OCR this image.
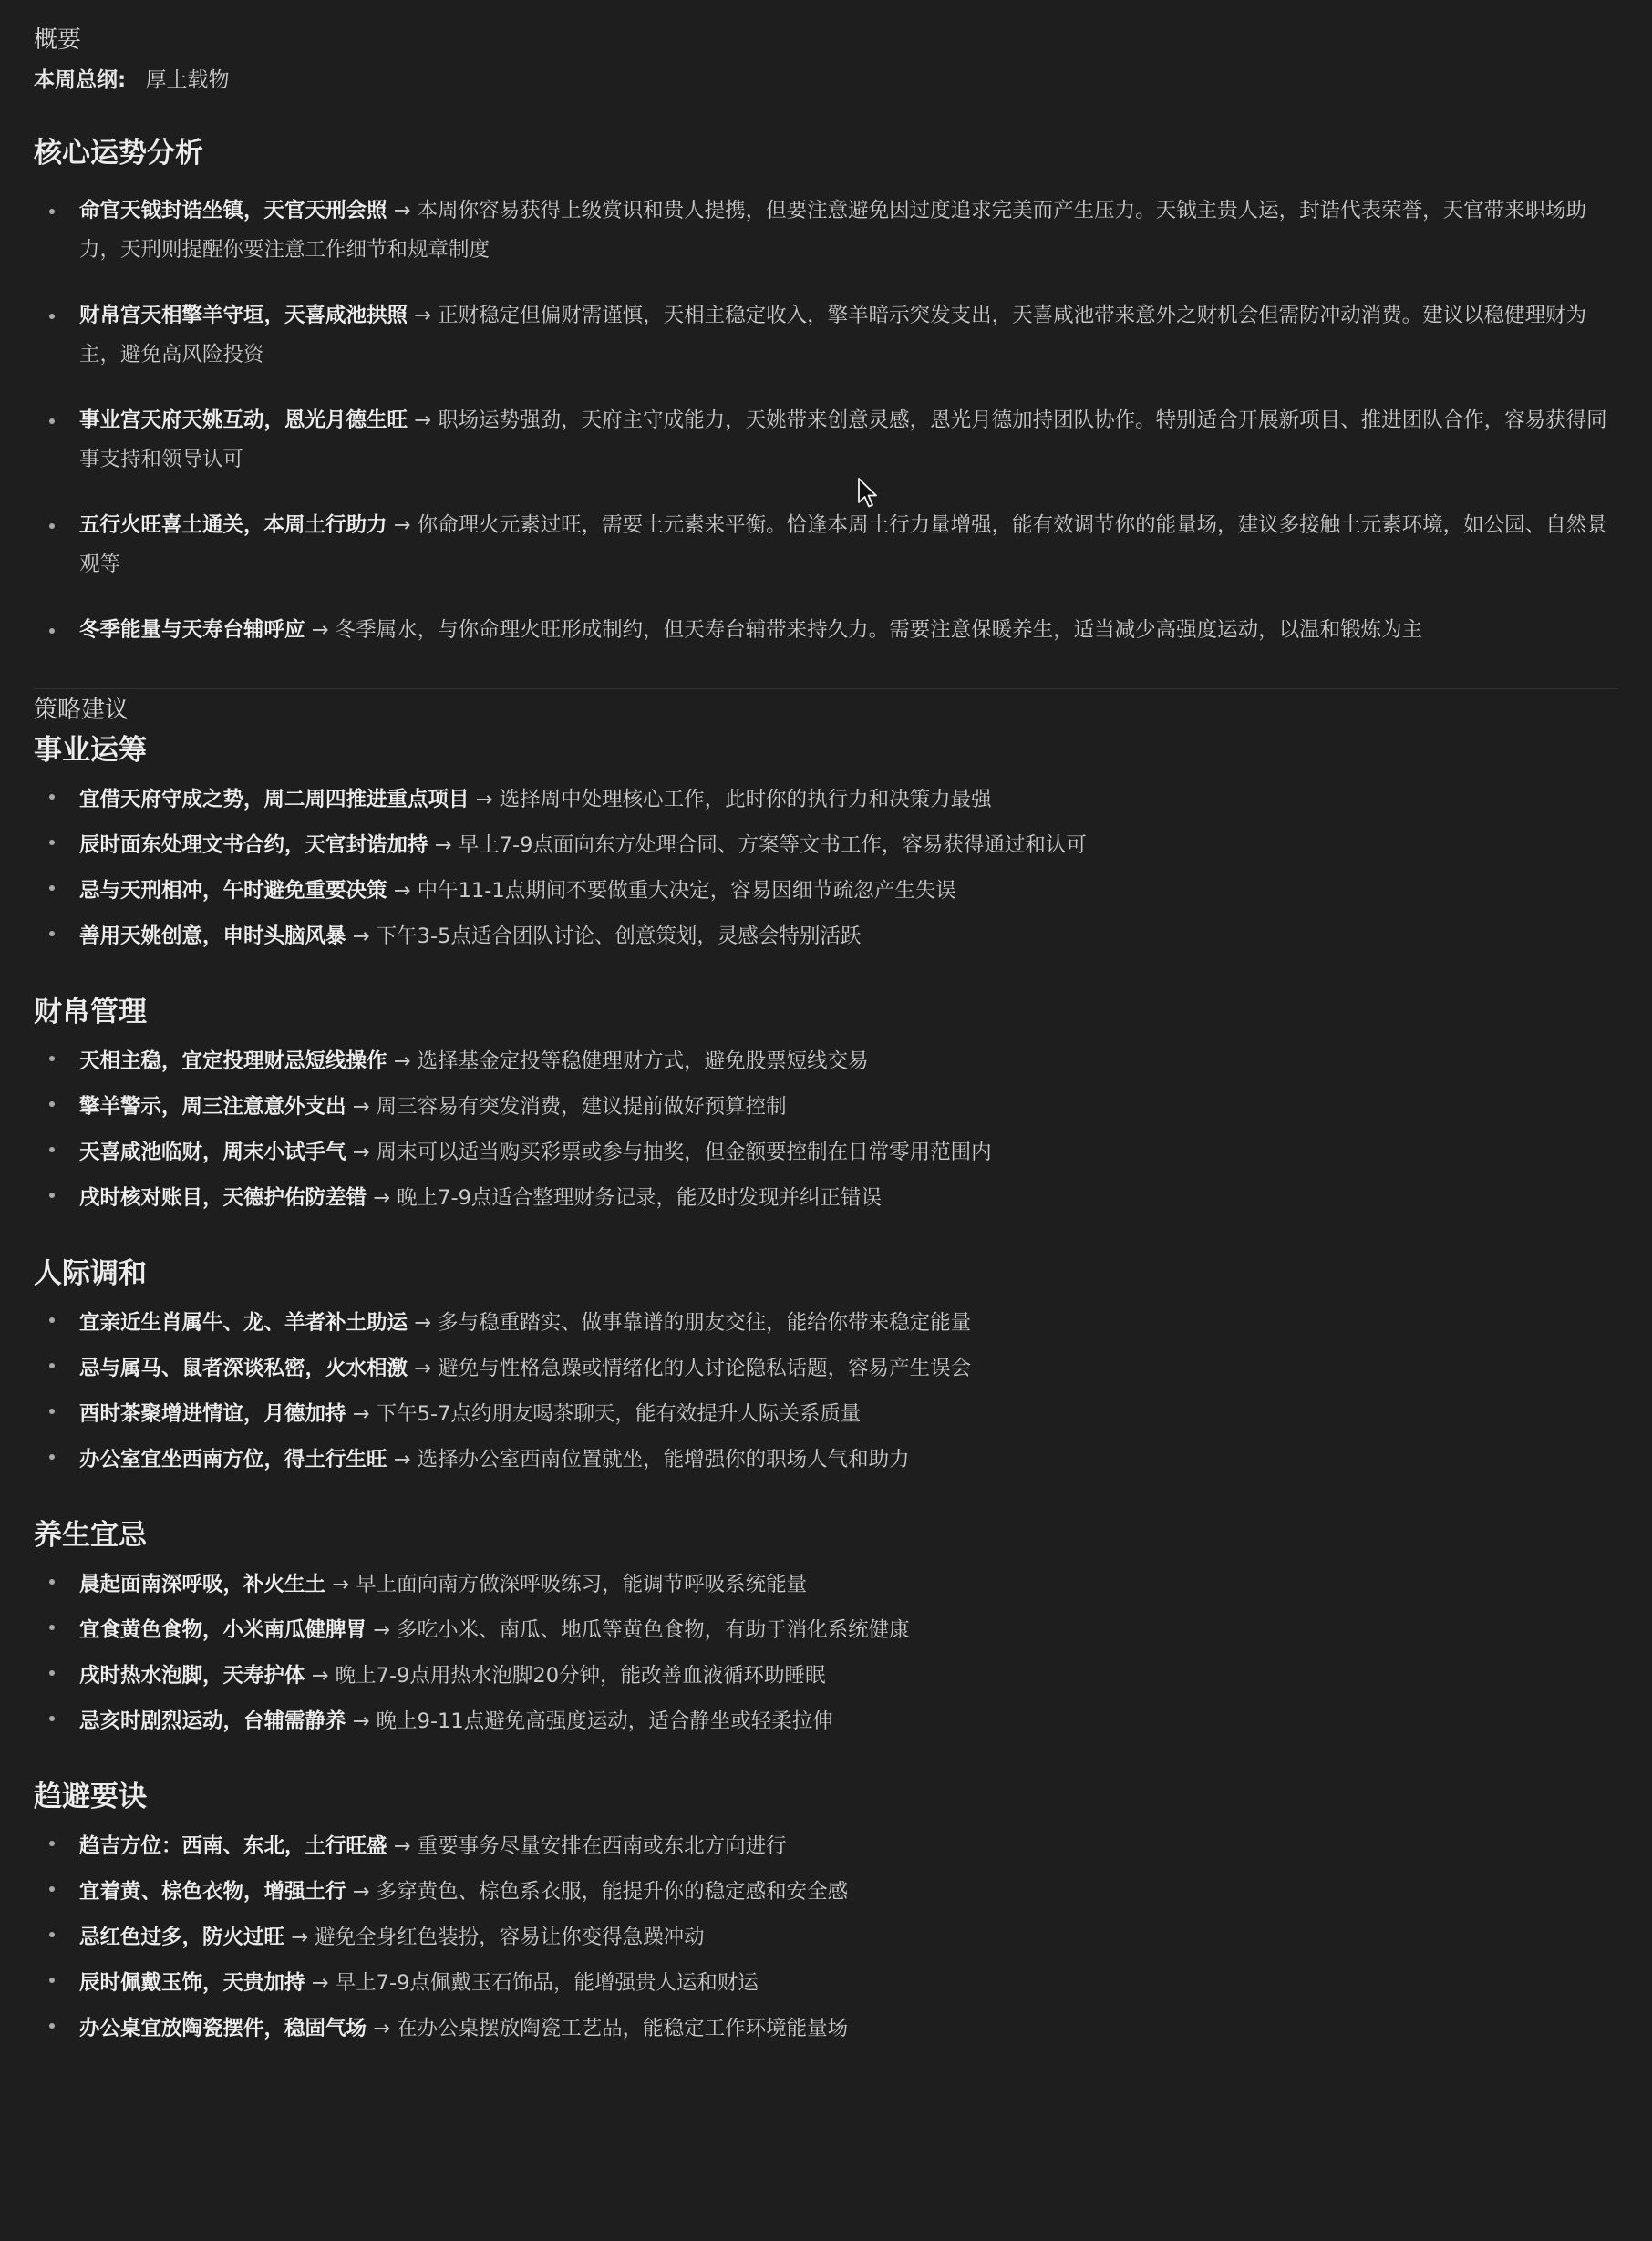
概要
本周总纲: 厚土载物
核心运势分析
命官天钺封诰坐镇，天官天刑会照 → 本周你容易获得上级赏识和贵人提携，但要注意避免因过度追求完美而产生压力。天钺主贵人运，封诰代表荣誉，天官带来职场助力，天刑则提醒你要注意工作细节和规章制度
财帛宫天相擎羊守垣，天喜咸池拱照 → 正财稳定但偏财需谨慎，天相主稳定收入，擎羊暗示突发支出，天喜咸池带来意外之财机会但需防冲动消费。建议以稳健理财为主，避免高风险投资
事业宫天府天姚互动，恩光月德生旺 → 职场运势强劲，天府主守成能力，天姚带来创意灵感，恩光月德加持团队协作。特别适合开展新项目、推进团队合作，容易获得同事支持和领导认可
五行火旺喜土通关，本周土行助力 → 你命理火元素过旺，需要土元素来平衡。恰逢本周土行力量增强，能有效调节你的能量场，建议多接触土元素环境，如公园、自然景观等
冬季能量与天寿台辅呼应 → 冬季属水，与你命理火旺形成制约，但天寿台辅带来持久力。需要注意保暖养生，适当减少高强度运动，以温和锻炼为主
策略建议
事业运筹
宜借天府守成之势，周二周四推进重点项目 → 选择周中处理核心工作，此时你的执行力和决策力最强
辰时面东处理文书合约，天官封诰加持 → 早上7-9点面向东方处理合同、方案等文书工作，容易获得通过和认可
忌与天刑相冲，午时避免重要决策 → 中午11-1点期间不要做重大决定，容易因细节疏忽产生失误
善用天姚创意，申时头脑风暴 → 下午3-5点适合团队讨论、创意策划，灵感会特别活跃
财帛管理
天相主稳，宜定投理财忌短线操作 → 选择基金定投等稳健理财方式，避免股票短线交易
擎羊警示，周三注意意外支出 → 周三容易有突发消费，建议提前做好预算控制
天喜咸池临财，周末小试手气 → 周末可以适当购买彩票或参与抽奖，但金额要控制在日常零用范围内
戌时核对账目，天德护佑防差错 → 晚上7-9点适合整理财务记录，能及时发现并纠正错误
人际调和
宜亲近生肖属牛、龙、羊者补土助运 → 多与稳重踏实、做事靠谱的朋友交往，能给你带来稳定能量
忌与属马、鼠者深谈私密，火水相激 → 避免与性格急躁或情绪化的人讨论隐私话题，容易产生误会
酉时茶聚增进情谊，月德加持 → 下午5-7点约朋友喝茶聊天，能有效提升人际关系质量
办公室宜坐西南方位，得土行生旺 → 选择办公室西南位置就坐，能增强你的职场人气和助力
养生宜忌
晨起面南深呼吸，补火生土 → 早上面向南方做深呼吸练习，能调节呼吸系统能量
宜食黄色食物，小米南瓜健脾胃 → 多吃小米、南瓜、地瓜等黄色食物，有助于消化系统健康
戌时热水泡脚，天寿护体 → 晚上7-9点用热水泡脚20分钟，能改善血液循环助睡眠
忌亥时剧烈运动，台辅需静养 → 晚上9-11点避免高强度运动，适合静坐或轻柔拉伸
趋避要诀
趋吉方位：西南、东北，土行旺盛 → 重要事务尽量安排在西南或东北方向进行
宜着黄、棕色衣物，增强土行 → 多穿黄色、棕色系衣服，能提升你的稳定感和安全感
忌红色过多，防火过旺 → 避免全身红色装扮，容易让你变得急躁冲动
辰时佩戴玉饰，天贵加持 → 早上7-9点佩戴玉石饰品，能增强贵人运和财运
办公桌宜放陶瓷摆件，稳固气场 → 在办公桌摆放陶瓷工艺品，能稳定工作环境能量场
